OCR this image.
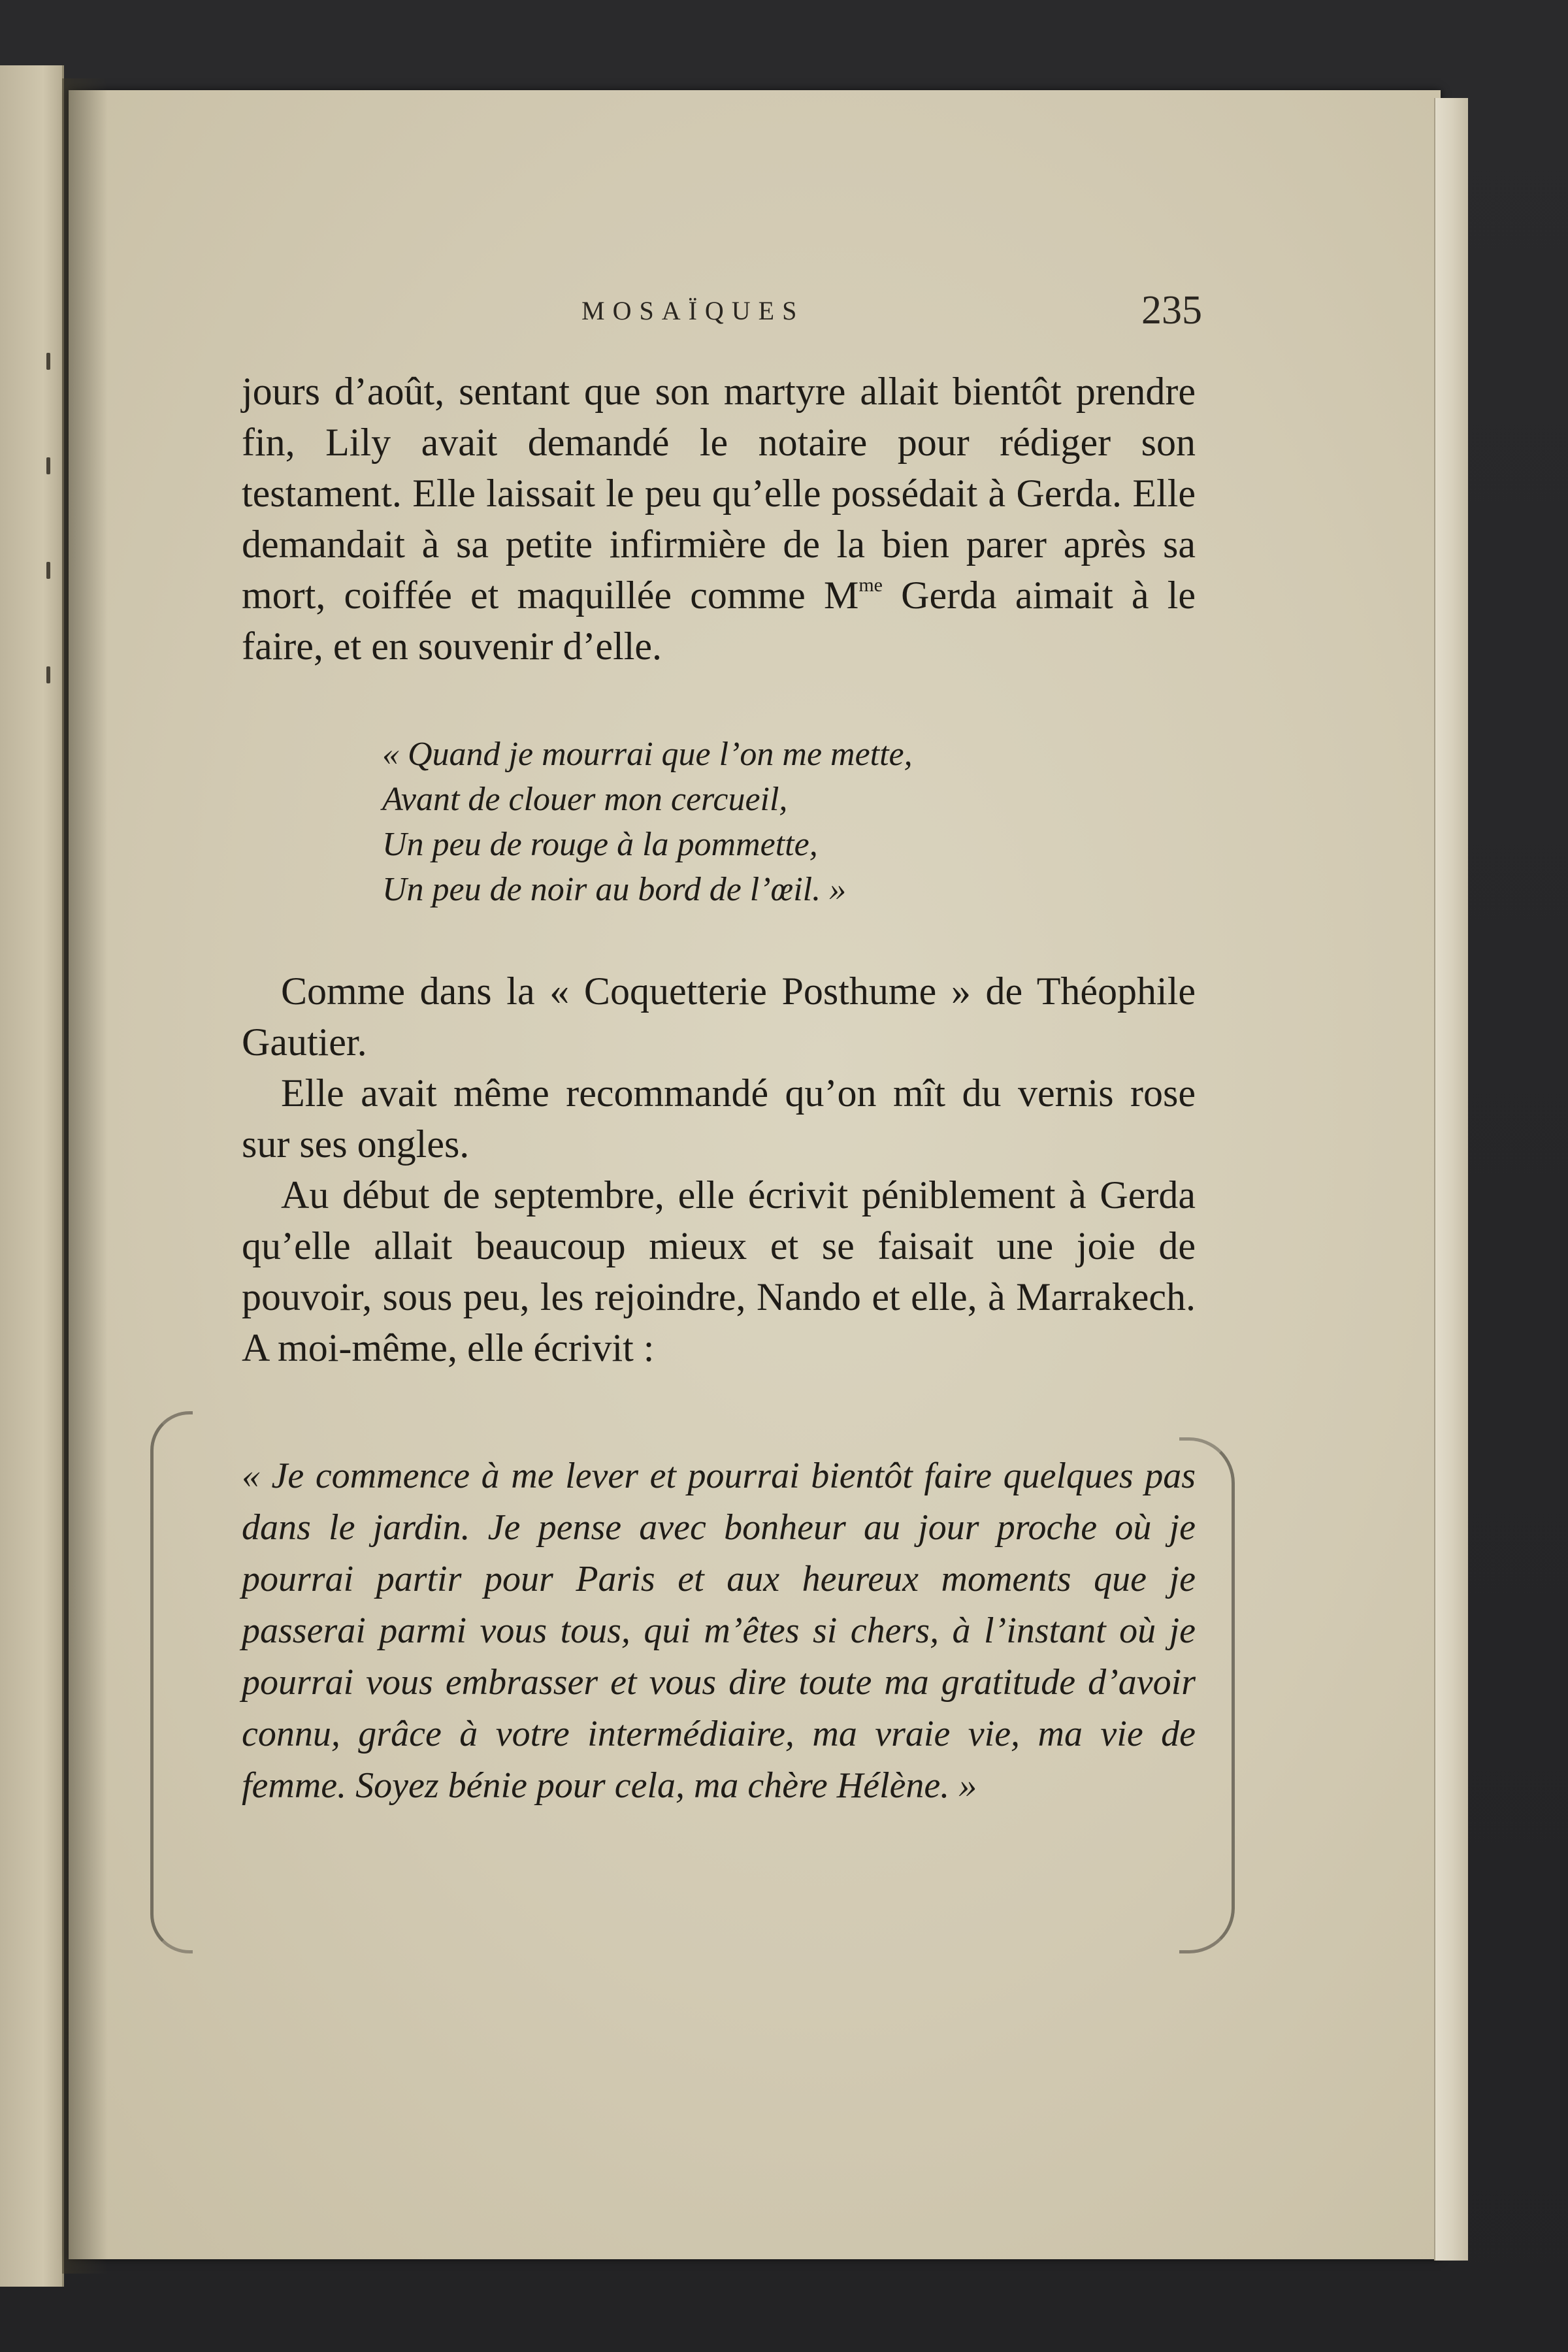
MOSAÏQUES	235

jours d’août, sentant que son martyre allait bientôt prendre fin, Lily avait demandé le notaire pour rédiger son testament. Elle laissait le peu qu’elle possédait à Gerda. Elle demandait à sa petite infirmière de la bien parer après sa mort, coiffée et maquillée comme $M^{me}$ Gerda aimait à le faire, et en souvenir d’elle.

« Quand je mourrai que l’on me mette,
Avant de clouer mon cercueil,
Un peu de rouge à la pommette,
Un peu de noir au bord de l’œil. »

Comme dans la « Coquetterie Posthume » de Théophile Gautier.

Elle avait même recommandé qu’on mît du vernis rose sur ses ongles.

Au début de septembre, elle écrivit péniblement à Gerda qu’elle allait beaucoup mieux et se faisait une joie de pouvoir, sous peu, les rejoindre, Nando et elle, à Marrakech. A moi-même, elle écrivit :

« Je commence à me lever et pourrai bientôt faire quelques pas dans le jardin. Je pense avec bonheur au jour proche où je pourrai partir pour Paris et aux heureux moments que je passerai parmi vous tous, qui m’êtes si chers, à l’instant où je pourrai vous embrasser et vous dire toute ma gratitude d’avoir connu, grâce à votre intermédiaire, ma vraie vie, ma vie de femme. Soyez bénie pour cela, ma chère Hélène. »
